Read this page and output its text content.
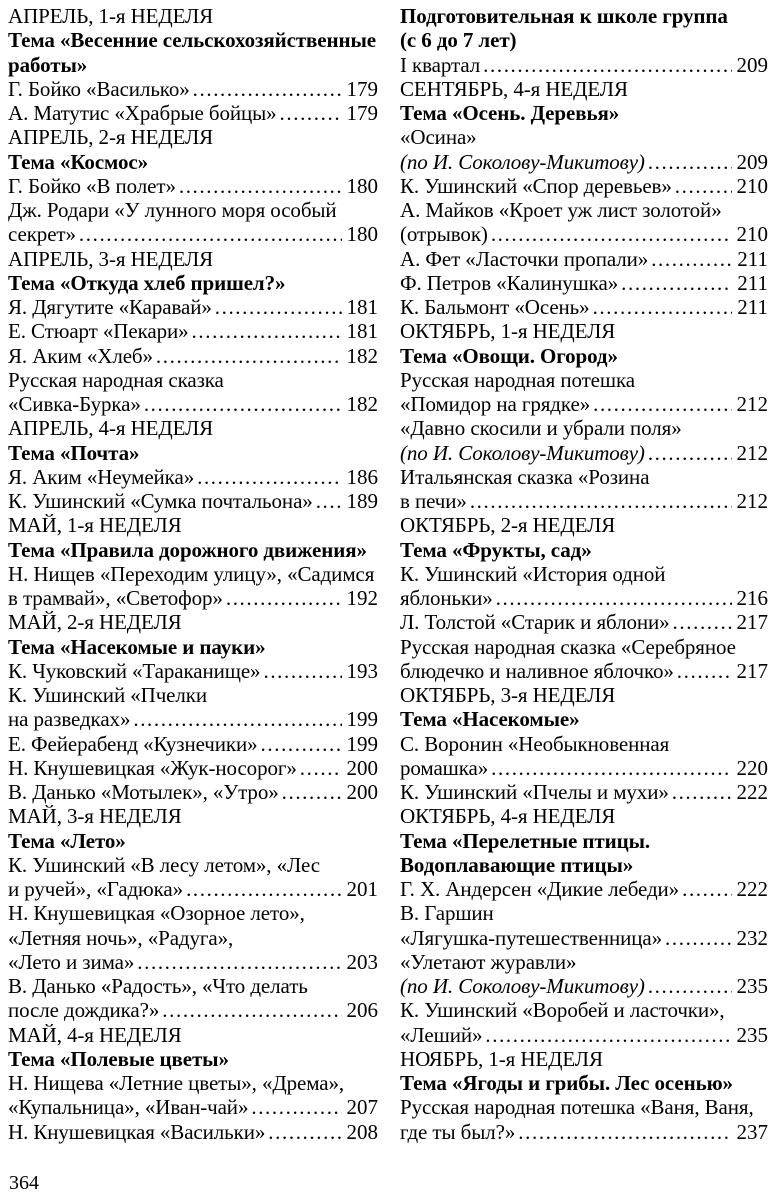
АПРЕЛЬ, 1-я НЕДЕЛЯ
Тема «Весенние сельскохозяйственные
работы»
Г. Бойко «Василько» .....	179
А. Матутис «Храбрые бойцы» .....	179
АПРЕЛЬ, 2-я НЕДЕЛЯ
Тема «Космос»
Г. Бойко «В полет» .....	180
Дж. Родари «У лунного моря особый
секрет» .....	180
АПРЕЛЬ, 3-я НЕДЕЛЯ
Тема «Откуда хлеб пришел?»
Я. Дягутите «Каравай» .....	181
Е. Стюарт «Пекари» .....	181
Я. Аким «Хлеб» .....	182
Русская народная сказка
«Сивка-Бурка» .....	182
АПРЕЛЬ, 4-я НЕДЕЛЯ
Тема «Почта»
Я. Аким «Неумейка» .....	186
К. Ушинский «Сумка почтальона» ..... 189
МАЙ, 1-я НЕДЕЛЯ
Тема «Правила дорожного движения»
Н. Нищев «Переходим улицу», «Садимся
в трамвай», «Светофор» .....	192
МАЙ, 2-я НЕДЕЛЯ
Тема «Насекомые и пауки»
К. Чуковский «Тараканище» .....	193
К. Ушинский «Пчелки
на разведках» .....	199
Е. Фейерабенд «Кузнечики» .....	199
Н. Кнушевицкая «Жук-носорог» ..... 200
В. Данько «Мотылек», «Утро» .....	200
МАЙ, 3-я НЕДЕЛЯ
Тема «Лето»
К. Ушинский «В лесу летом», «Лес
и ручей», «Гадюка» .....	201
Н. Кнушевицкая «Озорное лето»,
«Летняя ночь», «Радуга»,
«Лето и зима» .....	203
В. Данько «Радость», «Что делать
после дождика?» .....	206
МАЙ, 4-я НЕДЕЛЯ
Тема «Полевые цветы»
Н. Нищева «Летние цветы», «Дрема»,
«Купальница», «Иван-чай» .....	207
Н. Кнушевицкая «Васильки» .....	208
Подготовительная к школе группа
(с 6 до 7 лет)
I квартал .....	209
СЕНТЯБРЬ, 4-я НЕДЕЛЯ
Тема «Осень. Деревья»
«Осина»
(по И. Соколову-Микитову) .....	209
К. Ушинский «Спор деревьев» .....	210
А. Майков «Кроет уж лист золотой»
(отрывок) .....	210
А. Фет «Ласточки пропали» .....	211
Ф. Петров «Калинушка» .....	211
К. Бальмонт «Осень» .....	211
ОКТЯБРЬ, 1-я НЕДЕЛЯ
Тема «Овощи. Огород»
Русская народная потешка
«Помидор на грядке» .....	212
«Давно скосили и убрали поля»
(по И. Соколову-Микитову) .....	212
Итальянская сказка «Розина
в печи» .....	212
ОКТЯБРЬ, 2-я НЕДЕЛЯ
Тема «Фрукты, сад»
К. Ушинский «История одной
яблоньки» .....	216
Л. Толстой «Старик и яблони» .....	217
Русская народная сказка «Серебряное
блюдечко и наливное яблочко» .....	217
ОКТЯБРЬ, 3-я НЕДЕЛЯ
Тема «Насекомые»
С. Воронин «Необыкновенная
ромашка» .....	220
К. Ушинский «Пчелы и мухи» .....	222
ОКТЯБРЬ, 4-я НЕДЕЛЯ
Тема «Перелетные птицы.
Водоплавающие птицы»
Г. Х. Андерсен «Дикие лебеди» .....	222
В. Гаршин
«Лягушка-путешественница» .....	232
«Улетают журавли»
(по И. Соколову-Микитову) .....	235
К. Ушинский «Воробей и ласточки»,
«Леший» .....	235
НОЯБРЬ, 1-я НЕДЕЛЯ
Тема «Ягоды и грибы. Лес осенью»
Русская народная потешка «Ваня, Ваня,
где ты был?» .....	237
364
